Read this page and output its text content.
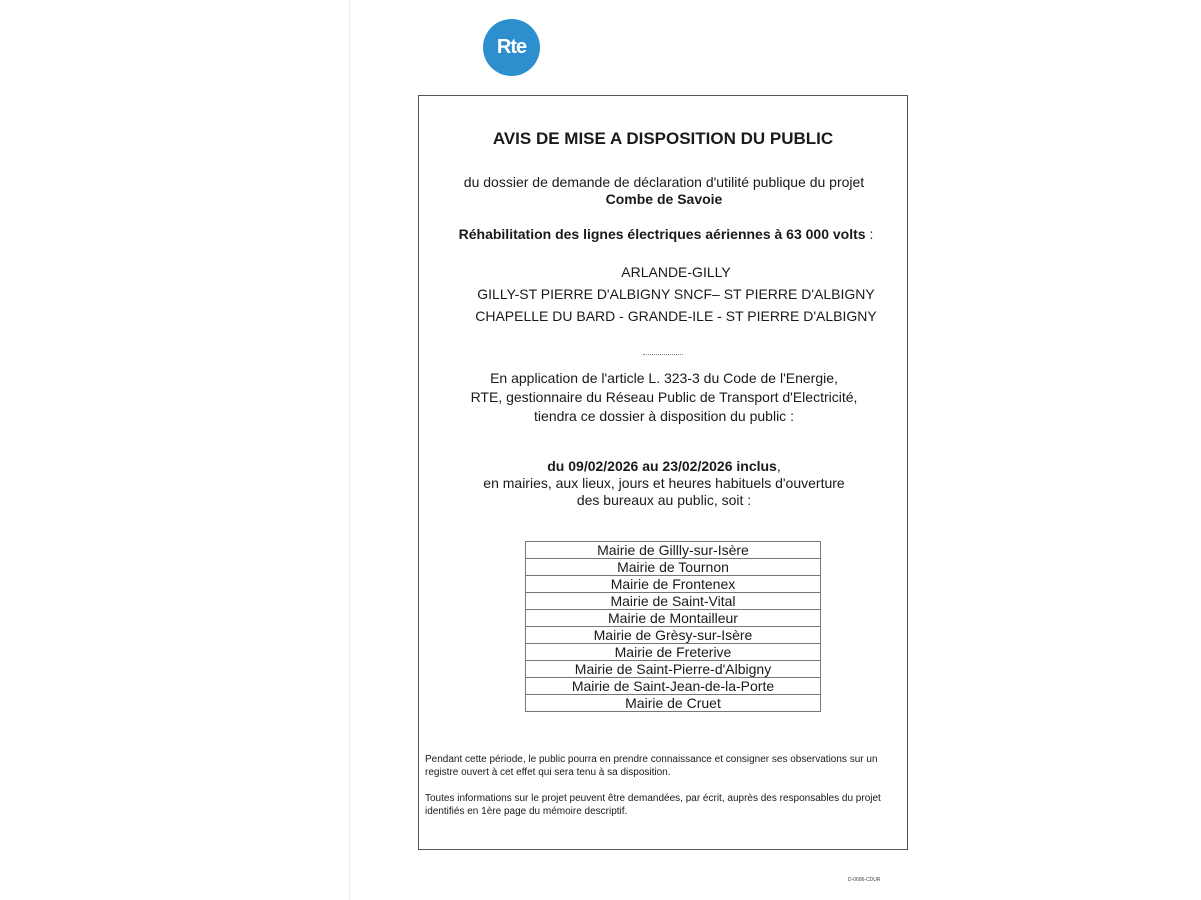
Rte
AVIS DE MISE A DISPOSITION DU PUBLIC
du dossier de demande de déclaration d'utilité publique du projet
Combe de Savoie
Réhabilitation des lignes électriques aériennes à 63 000 volts :
ARLANDE-GILLY
GILLY-ST PIERRE D'ALBIGNY SNCF– ST PIERRE D'ALBIGNY
CHAPELLE DU BARD - GRANDE-ILE - ST PIERRE D'ALBIGNY
En application de l'article L. 323-3 du Code de l'Energie,
RTE, gestionnaire du Réseau Public de Transport d'Electricité,
tiendra ce dossier à disposition du public :
du 09/02/2026 au 23/02/2026 inclus,
en mairies, aux lieux, jours et heures habituels d'ouverture
des bureaux au public, soit :
Mairie de Gillly-sur-Isère
Mairie de Tournon
Mairie de Frontenex
Mairie de Saint-Vital
Mairie de Montailleur
Mairie de Grèsy-sur-Isère
Mairie de Freterive
Mairie de Saint-Pierre-d'Albigny
Mairie de Saint-Jean-de-la-Porte
Mairie de Cruet
Pendant cette période, le public pourra en prendre connaissance et consigner ses observations sur un registre ouvert à cet effet qui sera tenu à sa disposition.
Toutes informations sur le projet peuvent être demandées, par écrit, auprès des responsables du projet identifiés en 1ère page du mémoire descriptif.
D-0686-CDUR
